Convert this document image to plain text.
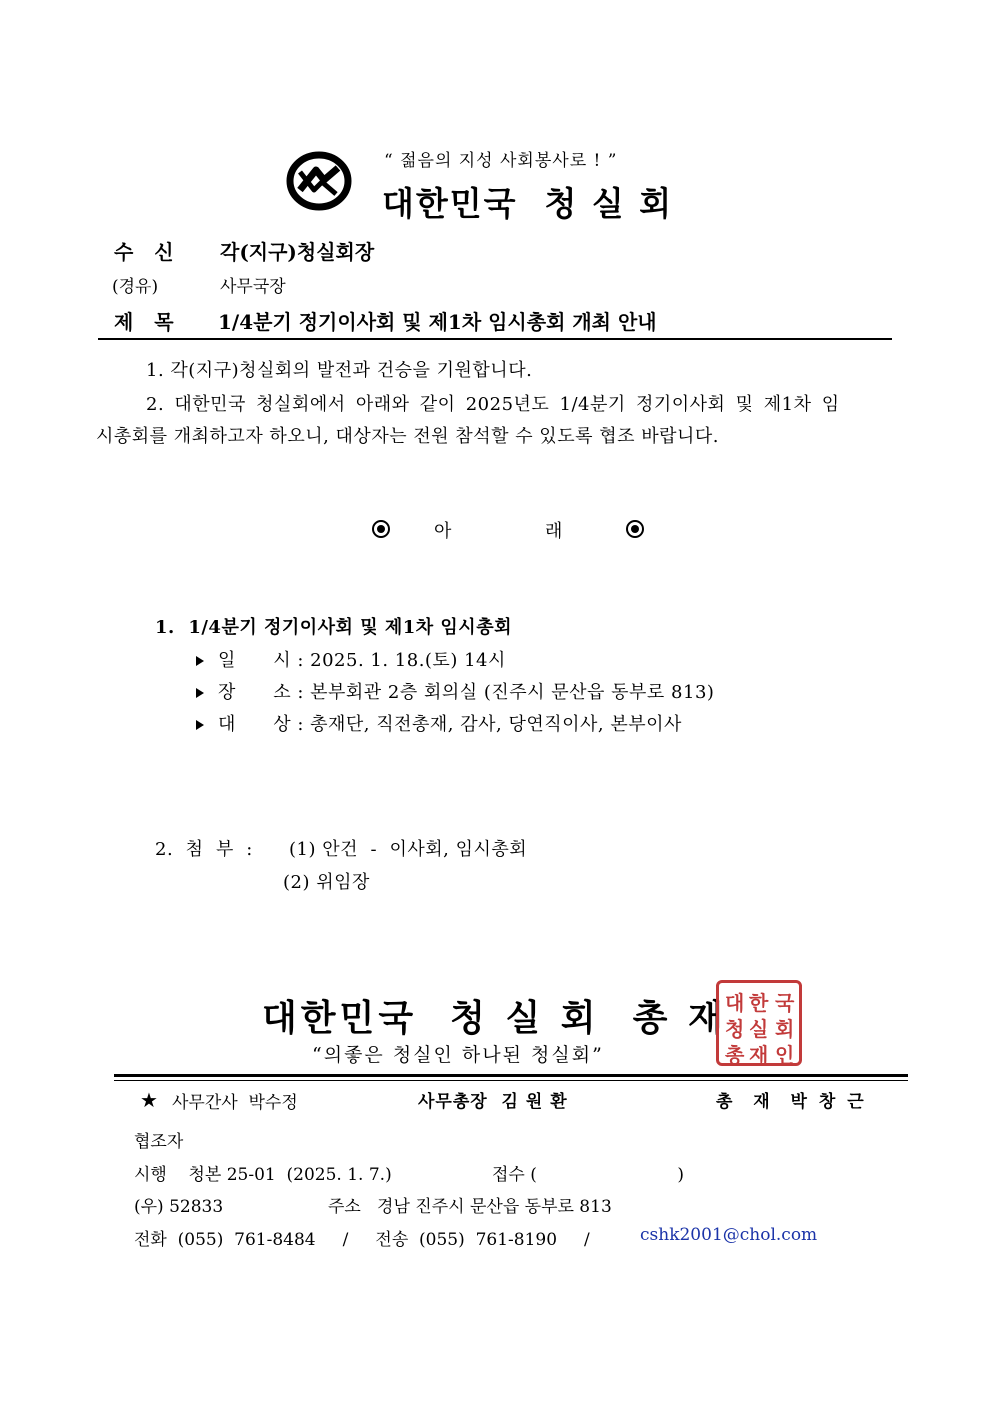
“ 젊음의 지성 사회봉사로 ! ”
대한민국  청 실 회
수   신 각(지구)청실회장
(경유)	사무국장
제   목 1/4분기 정기이사회 및 제1차 임시총회 개최 안내
1. 각(지구)청실회의 발전과 건승을 기원합니다.
2. 대한민국 청실회에서 아래와 같이 2025년도 1/4분기 정기이사회 및 제1차 임
시총회를 개최하고자 하오니, 대상자는 전원 참석할 수 있도록 협조 바랍니다.

아	래
1.  1/4분기 정기이사회 및 제1차 임시총회
일      시 : 2025. 1. 18.(토) 14시
장      소 : 본부회관 2층 회의실 (진주시 문산읍 동부로 813)
대      상 : 총재단, 직전총재, 감사, 당연직이사, 본부이사
2.  첨  부  : (1) 안건  -  이사회, 임시총회
(2) 위임장
대한민국  청 실 회  총 재
“의좋은 청실인 하나된 청실회”
대 한 국
청 실 회
총 재 인
★ 사무간사  박수정	사무총장  김 원 환	총  재  박 창 근
협조자
시행    청본 25-01  (2025. 1. 7.)	접수 (                          )
(우) 52833	주소   경남 진주시 문산읍 동부로 813
전화  (055)  761-8484     /     전송  (055)  761-8190     /	cshk2001@chol.com
